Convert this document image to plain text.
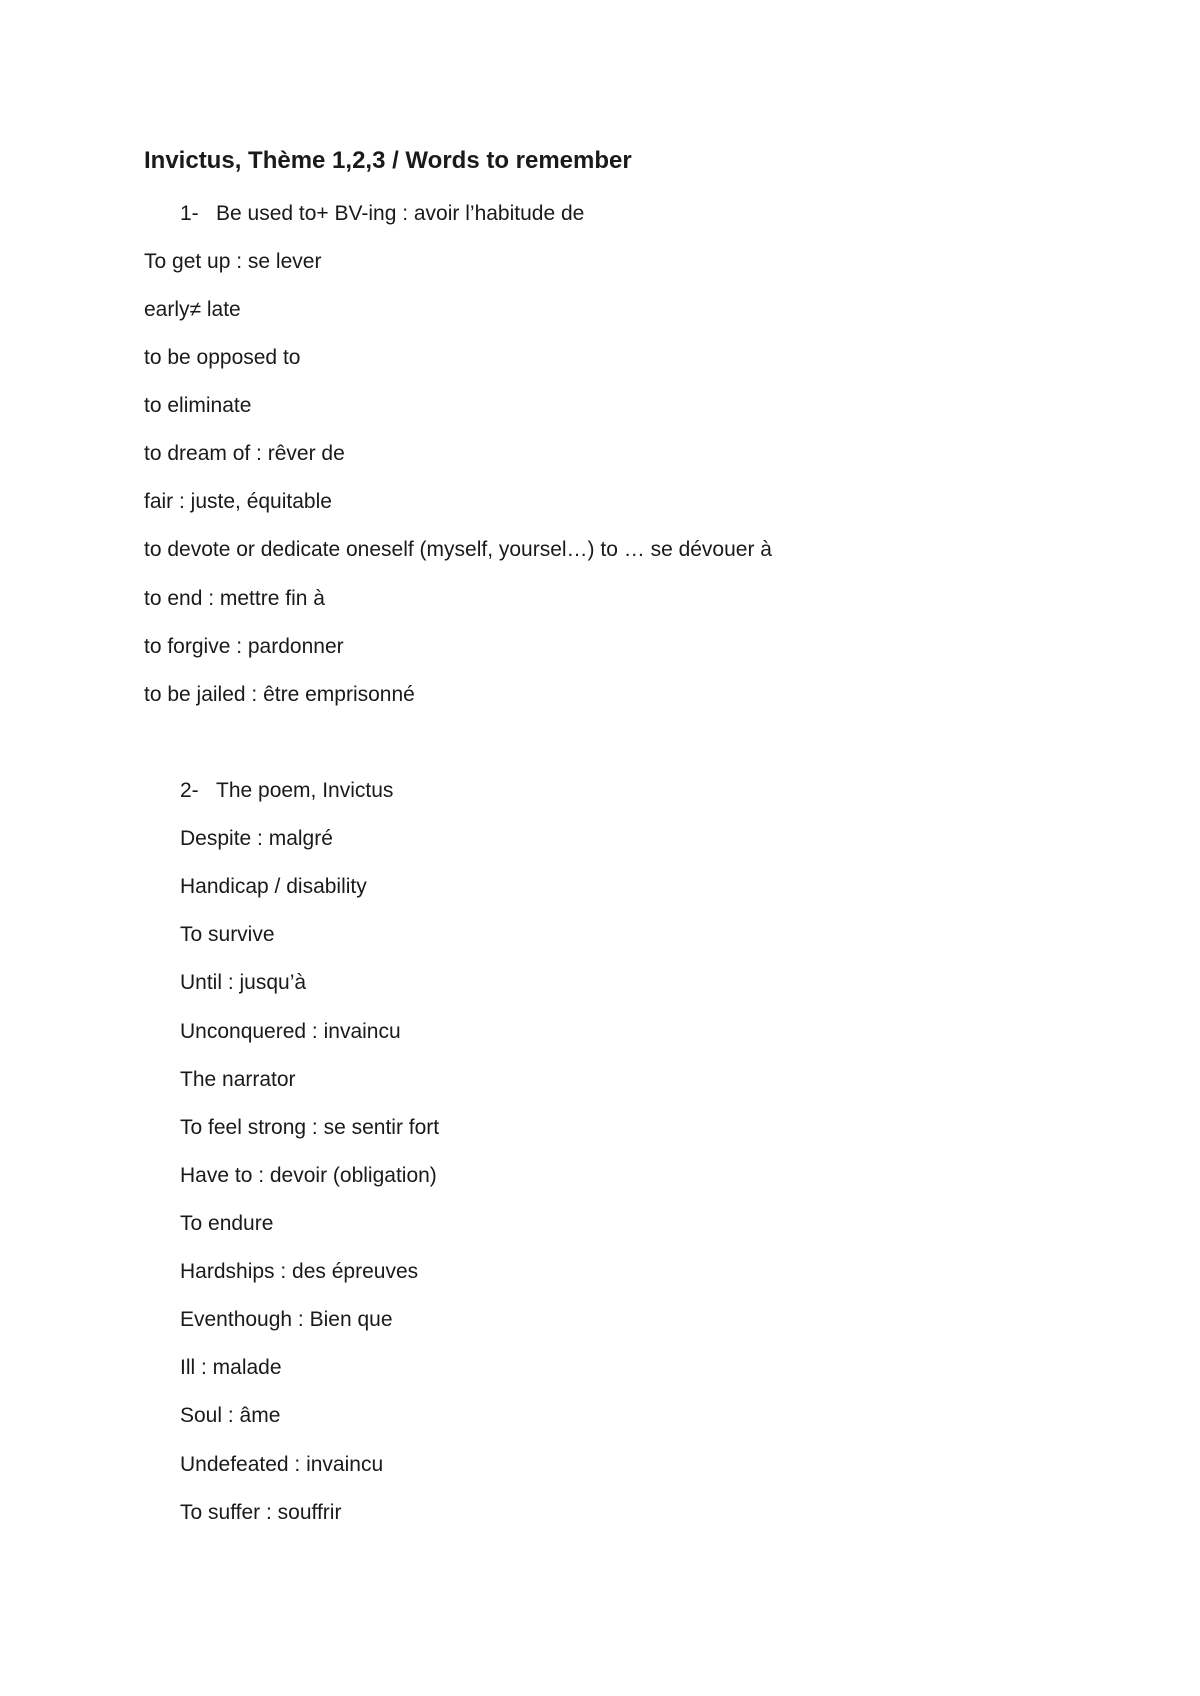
Invictus, Thème 1,2,3 / Words to remember
1- Be used to+ BV-ing : avoir l’habitude de
To get up : se lever
early≠ late
to be opposed to
to eliminate
to dream of : rêver de
fair : juste, équitable
to devote or dedicate oneself (myself, yoursel…) to … se dévouer à
to end : mettre fin à
to forgive : pardonner
to be jailed : être emprisonné
2- The poem, Invictus
Despite : malgré
Handicap / disability
To survive
Until : jusqu’à
Unconquered : invaincu
The narrator
To feel strong : se sentir fort
Have to : devoir (obligation)
To endure
Hardships : des épreuves
Eventhough : Bien que
Ill : malade
Soul : âme
Undefeated : invaincu
To suffer : souffrir
